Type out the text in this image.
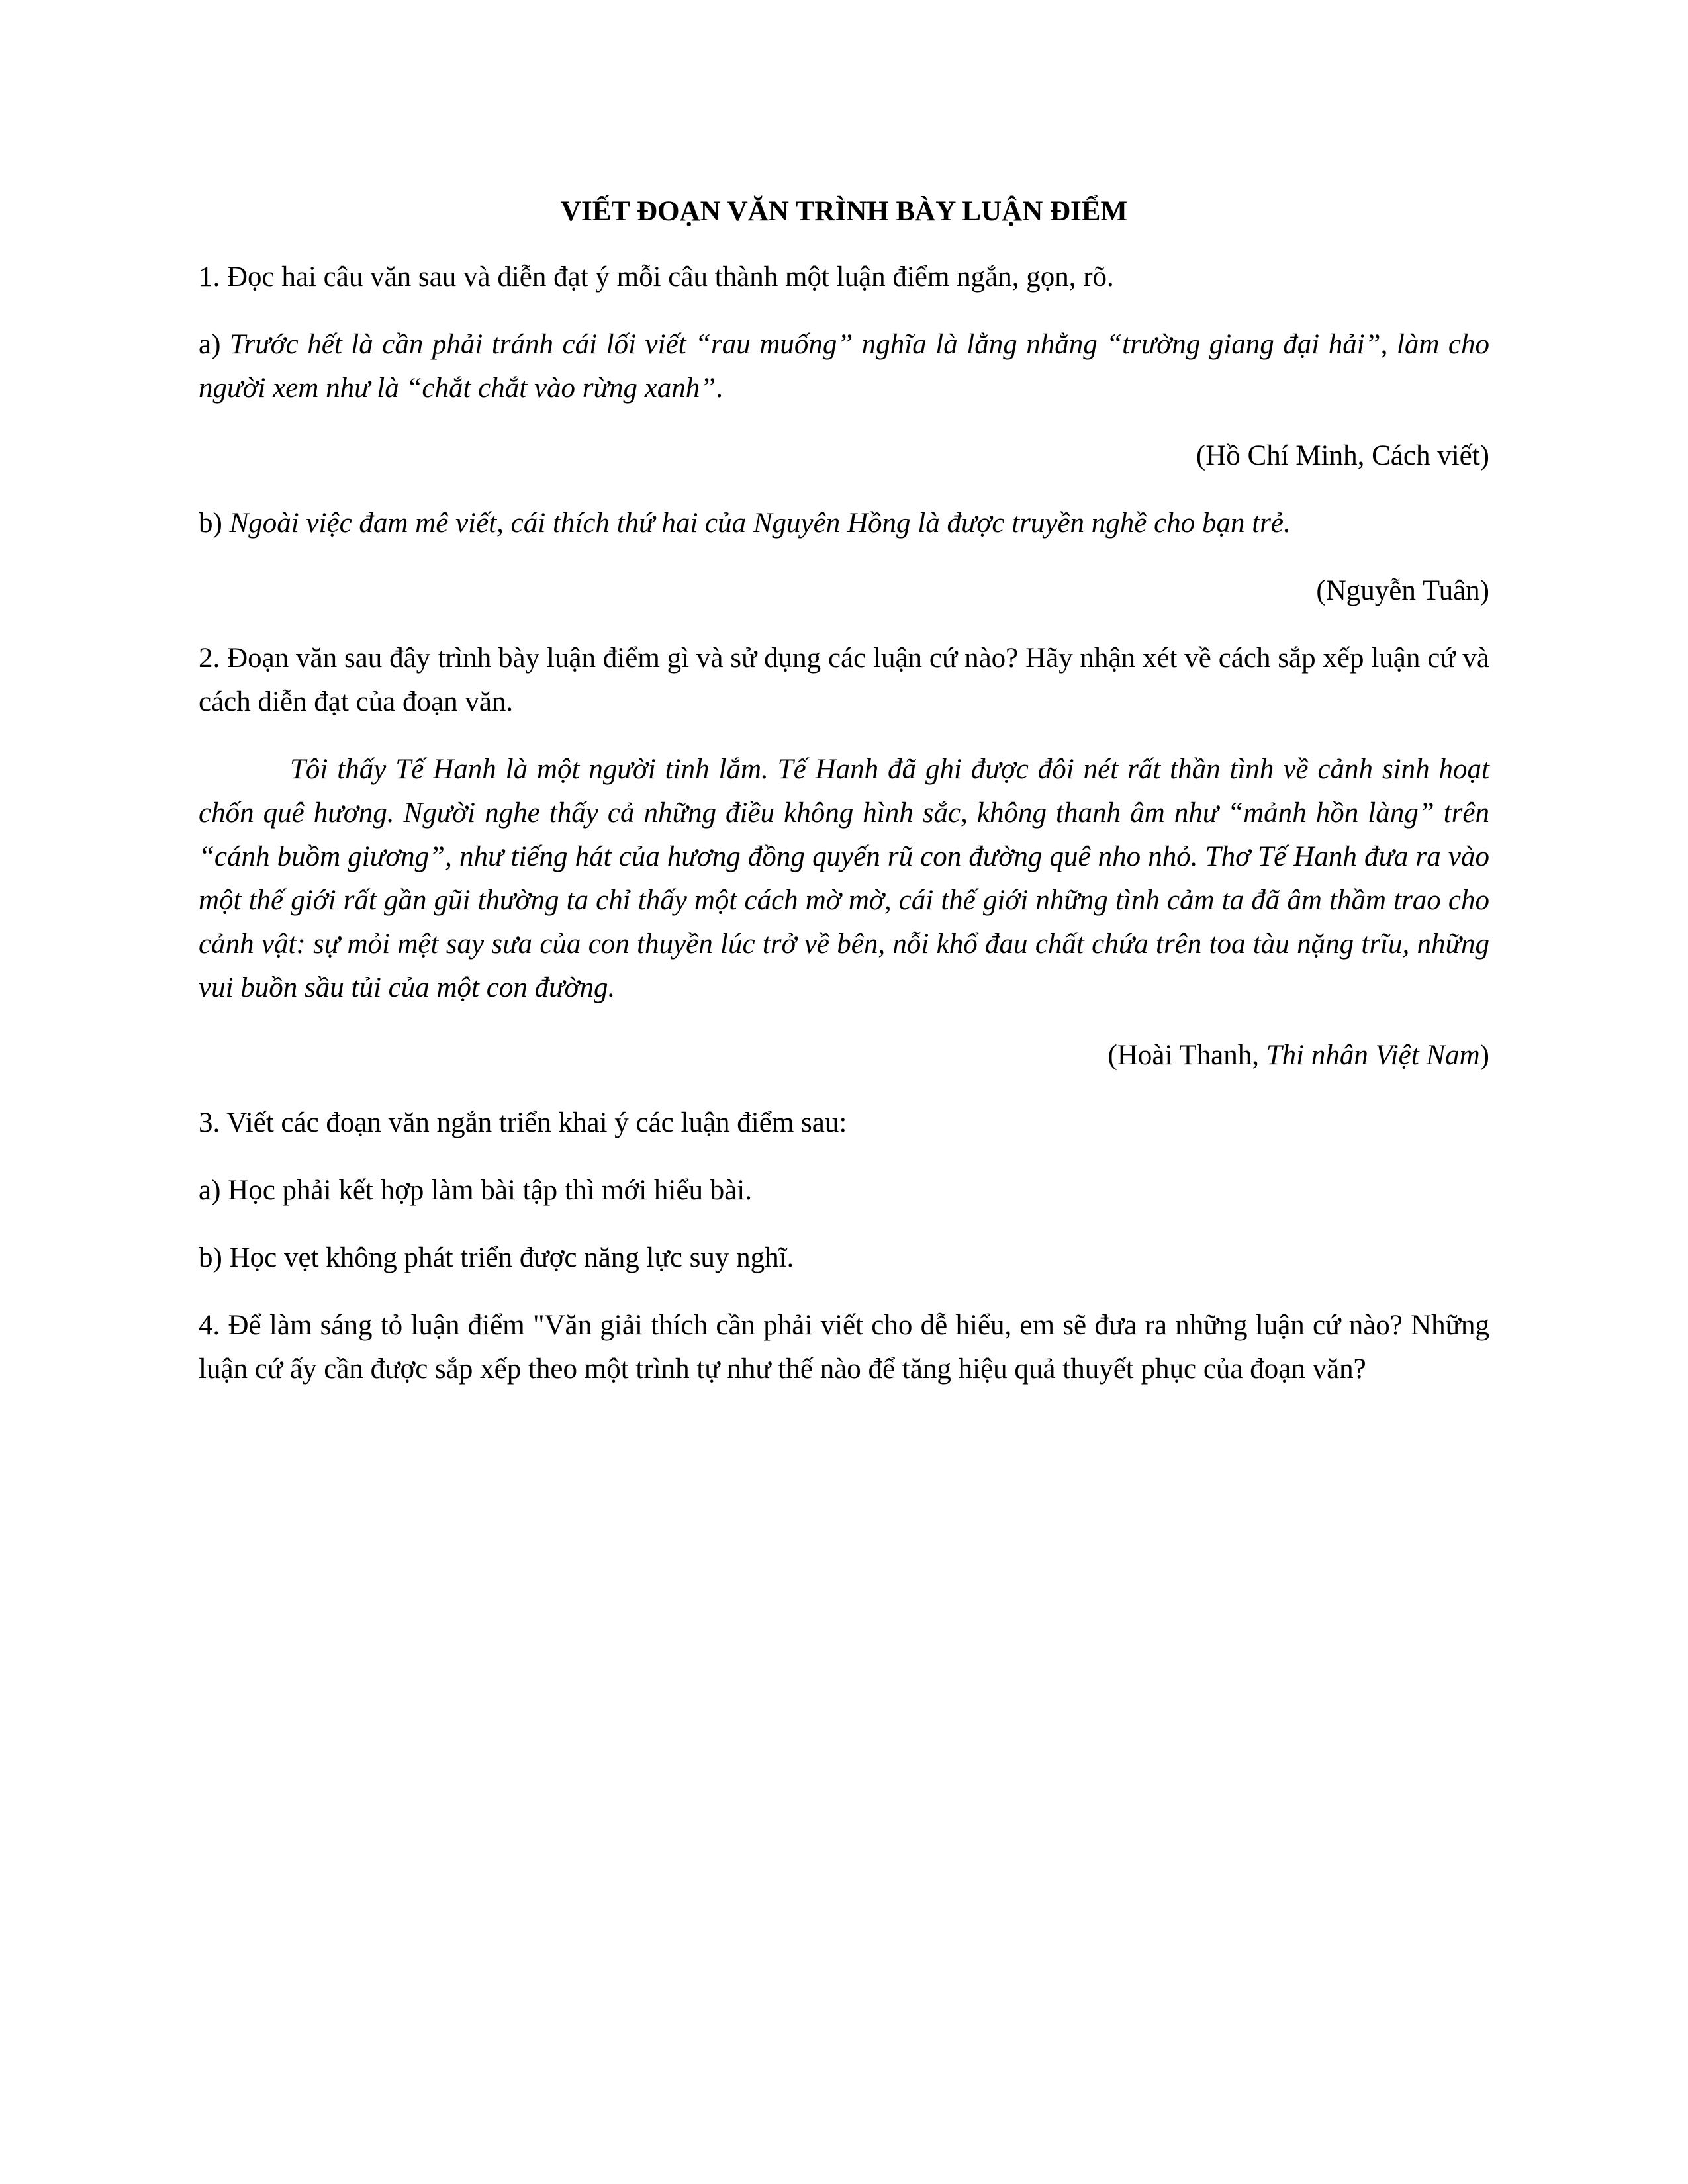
VIẾT ĐOẠN VĂN TRÌNH BÀY LUẬN ĐIỂM

1. Đọc hai câu văn sau và diễn đạt ý mỗi câu thành một luận điểm ngắn, gọn, rõ.

a) Trước hết là cần phải tránh cái lối viết “rau muống” nghĩa là lằng nhằng “trường giang đại hải”, làm cho người xem như là “chắt chắt vào rừng xanh”.

(Hồ Chí Minh, Cách viết)

b) Ngoài việc đam mê viết, cái thích thứ hai của Nguyên Hồng là được truyền nghề cho bạn trẻ.

(Nguyễn Tuân)

2. Đoạn văn sau đây trình bày luận điểm gì và sử dụng các luận cứ nào? Hãy nhận xét về cách sắp xếp luận cứ và cách diễn đạt của đoạn văn.

Tôi thấy Tế Hanh là một người tinh lắm. Tế Hanh đã ghi được đôi nét rất thần tình về cảnh sinh hoạt chốn quê hương. Người nghe thấy cả những điều không hình sắc, không thanh âm như “mảnh hồn làng” trên “cánh buồm giương”, như tiếng hát của hương đồng quyến rũ con đường quê nho nhỏ. Thơ Tế Hanh đưa ra vào một thế giới rất gần gũi thường ta chỉ thấy một cách mờ mờ, cái thế giới những tình cảm ta đã âm thầm trao cho cảnh vật: sự mỏi mệt say sưa của con thuyền lúc trở về bên, nỗi khổ đau chất chứa trên toa tàu nặng trĩu, những vui buồn sầu tủi của một con đường.

(Hoài Thanh, Thi nhân Việt Nam)

3. Viết các đoạn văn ngắn triển khai ý các luận điểm sau:

a) Học phải kết hợp làm bài tập thì mới hiểu bài.

b) Học vẹt không phát triển được năng lực suy nghĩ.

4. Để làm sáng tỏ luận điểm "Văn giải thích cần phải viết cho dễ hiểu, em sẽ đưa ra những luận cứ nào? Những luận cứ ấy cần được sắp xếp theo một trình tự như thế nào để tăng hiệu quả thuyết phục của đoạn văn?
